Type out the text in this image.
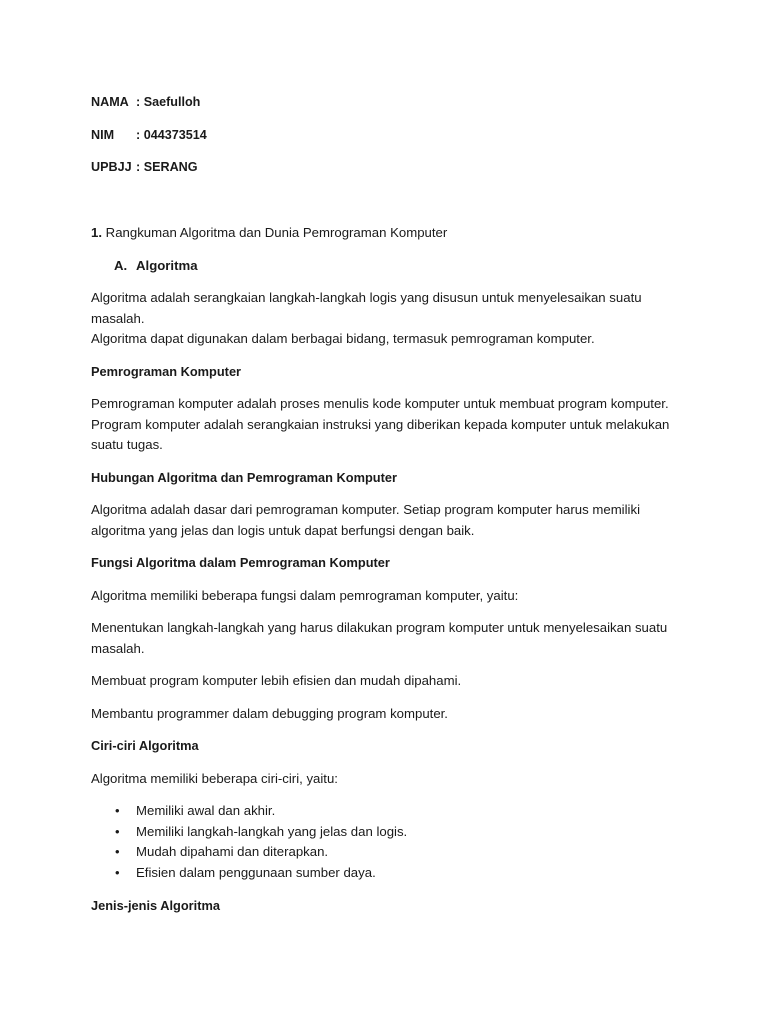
NAMA : Saefulloh
NIM	: 044373514
UPBJJ : SERANG

1. Rangkuman Algoritma dan Dunia Pemrograman Komputer

A. Algoritma

Algoritma adalah serangkaian langkah-langkah logis yang disusun untuk menyelesaikan suatu masalah.

Algoritma dapat digunakan dalam berbagai bidang, termasuk pemrograman komputer.

Pemrograman Komputer

Pemrograman komputer adalah proses menulis kode komputer untuk membuat program komputer.

Program komputer adalah serangkaian instruksi yang diberikan kepada komputer untuk melakukan

suatu tugas.

Hubungan Algoritma dan Pemrograman Komputer

Algoritma adalah dasar dari pemrograman komputer. Setiap program komputer harus memiliki

algoritma yang jelas dan logis untuk dapat berfungsi dengan baik.

Fungsi Algoritma dalam Pemrograman Komputer

Algoritma memiliki beberapa fungsi dalam pemrograman komputer, yaitu:

Menentukan langkah-langkah yang harus dilakukan program komputer untuk menyelesaikan suatu

masalah.

Membuat program komputer lebih efisien dan mudah dipahami.

Membantu programmer dalam debugging program komputer.

Ciri-ciri Algoritma

Algoritma memiliki beberapa ciri-ciri, yaitu:

•	Memiliki awal dan akhir.
•	Memiliki langkah-langkah yang jelas dan logis.
•	Mudah dipahami dan diterapkan.
•	Efisien dalam penggunaan sumber daya.

Jenis-jenis Algoritma
